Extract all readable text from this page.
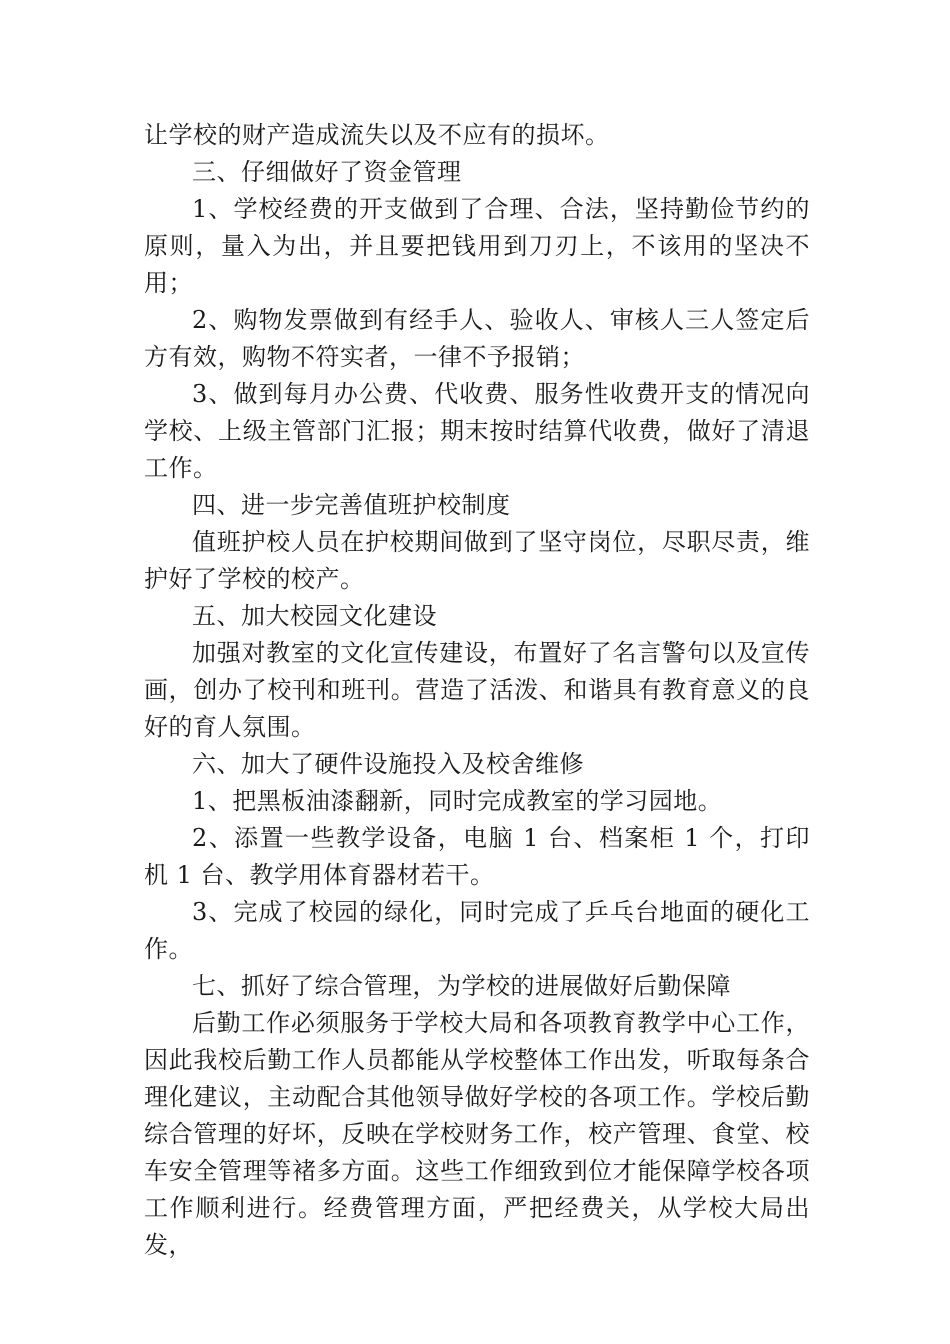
让学校的财产造成流失以及不应有的损坏。

三、仔细做好了资金管理

1、学校经费的开支做到了合理、合法，坚持勤俭节约的原则，量入为出，并且要把钱用到刀刃上，不该用的坚决不用；

2、购物发票做到有经手人、验收人、审核人三人签定后方有效，购物不符实者，一律不予报销；

3、做到每月办公费、代收费、服务性收费开支的情况向学校、上级主管部门汇报；期末按时结算代收费，做好了清退工作。

四、进一步完善值班护校制度

值班护校人员在护校期间做到了坚守岗位，尽职尽责，维护好了学校的校产。

五、加大校园文化建设

加强对教室的文化宣传建设，布置好了名言警句以及宣传画，创办了校刊和班刊。营造了活泼、和谐具有教育意义的良好的育人氛围。

六、加大了硬件设施投入及校舍维修

1、把黑板油漆翻新，同时完成教室的学习园地。

2、添置一些教学设备，电脑 1 台、档案柜 1 个，打印机 1 台、教学用体育器材若干。

3、完成了校园的绿化，同时完成了乒乓台地面的硬化工作。

七、抓好了综合管理，为学校的进展做好后勤保障

后勤工作必须服务于学校大局和各项教育教学中心工作，因此我校后勤工作人员都能从学校整体工作出发，听取每条合理化建议，主动配合其他领导做好学校的各项工作。学校后勤综合管理的好坏，反映在学校财务工作，校产管理、食堂、校车安全管理等褚多方面。这些工作细致到位才能保障学校各项工作顺利进行。经费管理方面，严把经费关，从学校大局出发，
